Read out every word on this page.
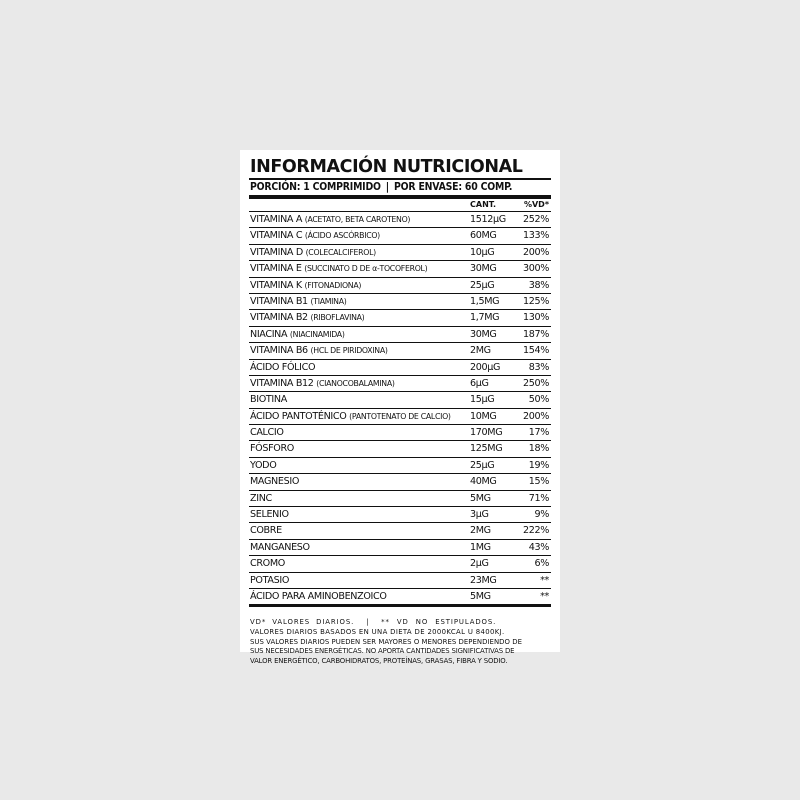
INFORMACIÓN NUTRICIONAL
PORCIÓN: 1 COMPRIMIDO | POR ENVASE: 60 COMP.
CANT.	%VD*
VITAMINA A (ACETATO, BETA CAROTENO)	1512μG 252%
VITAMINA C (ÁCIDO ASCÓRBICO)	60MG	133%
VITAMINA D (COLECALCIFEROL)	10μG	200%
VITAMINA E (SUCCINATO D DE α-TOCOFEROL)	30MG	300%
VITAMINA K (FITONADIONA)	25μG	38%
VITAMINA B1 (TIAMINA)	1,5MG 125%
VITAMINA B2 (RIBOFLAVINA)	1,7MG 130%
NIACINA (NIACINAMIDA)	30MG	187%
VITAMINA B6 (HCL DE PIRIDOXINA)	2MG	154%
ÁCIDO FÓLICO	200μG	83%
VITAMINA B12 (CIANOCOBALAMINA)	6μG	250%
BIOTINA	15μG	50%
ÁCIDO PANTOTÉNICO (PANTOTENATO DE CALCIO) 10MG	200%
CALCIO	170MG	17%
FÓSFORO	125MG	18%
YODO	25μG	19%
MAGNESIO	40MG	15%
ZINC	5MG	71%
SELENIO	3μG	9%
COBRE	2MG	222%
MANGANESO	1MG	43%
CROMO	2μG	6%
POTASIO	23MG	**
ÁCIDO PARA AMINOBENZOICO	5MG	**
VD* VALORES DIARIOS. | ** VD NO ESTIPULADOS.
VALORES DIARIOS BASADOS EN UNA DIETA DE 2000KCAL U 8400KJ.
SUS VALORES DIARIOS PUEDEN SER MAYORES O MENORES DEPENDIENDO DE
SUS NECESIDADES ENERGÉTICAS. NO APORTA CANTIDADES SIGNIFICATIVAS DE
VALOR ENERGÉTICO, CARBOHIDRATOS, PROTEÍNAS, GRASAS, FIBRA Y SODIO.
